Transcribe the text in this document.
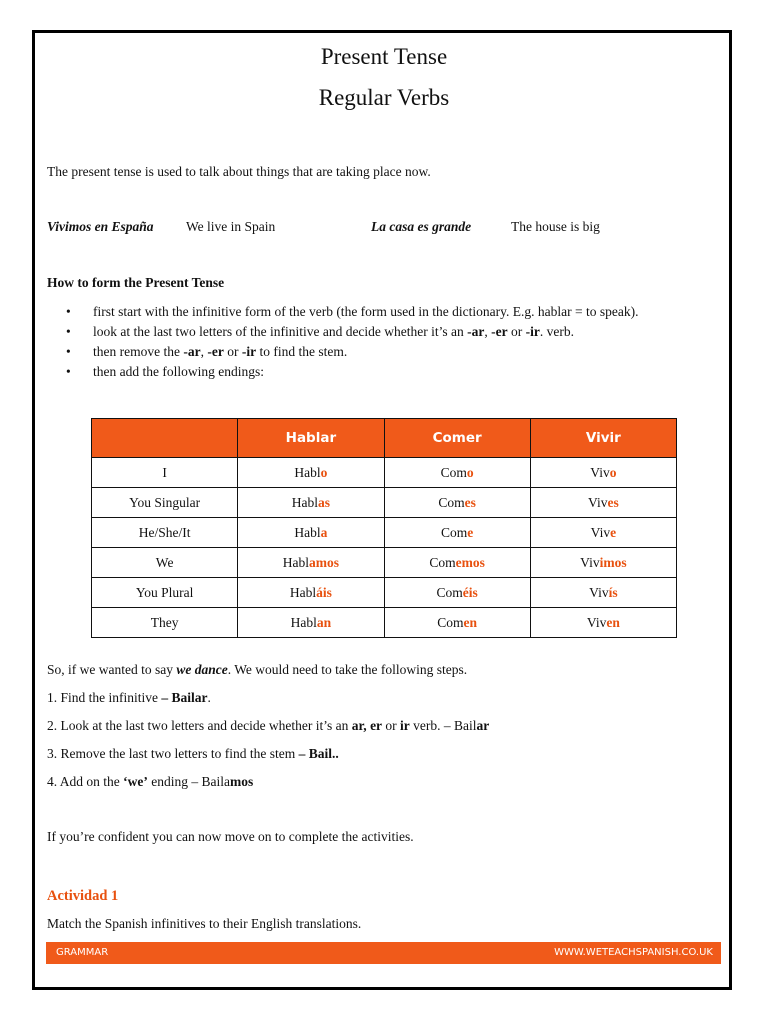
Present Tense
Regular Verbs
The present tense is used to talk about things that are taking place now.
Vivimos en España We live in Spain	La casa es grande	The house is big
How to form the Present Tense
• first start with the infinitive form of the verb (the form used in the dictionary. E.g. hablar = to speak).
• look at the last two letters of the infinitive and decide whether it’s an -ar, -er or -ir. verb.
• then remove the -ar, -er or -ir to find the stem.
• then add the following endings:
	Hablar	Comer	Vivir
I	Hablo	Como	Vivo
You Singular	Hablas	Comes	Vives
He/She/It	Habla	Come	Vive
We	Hablamos	Comemos	Vivimos
You Plural	Habláis	Coméis	Vivís
They	Hablan	Comen	Viven
So, if we wanted to say we dance. We would need to take the following steps.
1. Find the infinitive – Bailar.
2. Look at the last two letters and decide whether it’s an ar, er or ir verb. – Bailar
3. Remove the last two letters to find the stem – Bail..
4. Add on the ‘we’ ending – Bailamos
If you’re confident you can now move on to complete the activities.
Actividad 1
Match the Spanish infinitives to their English translations.
GRAMMAR	WWW.WETEACHSPANISH.CO.UK
